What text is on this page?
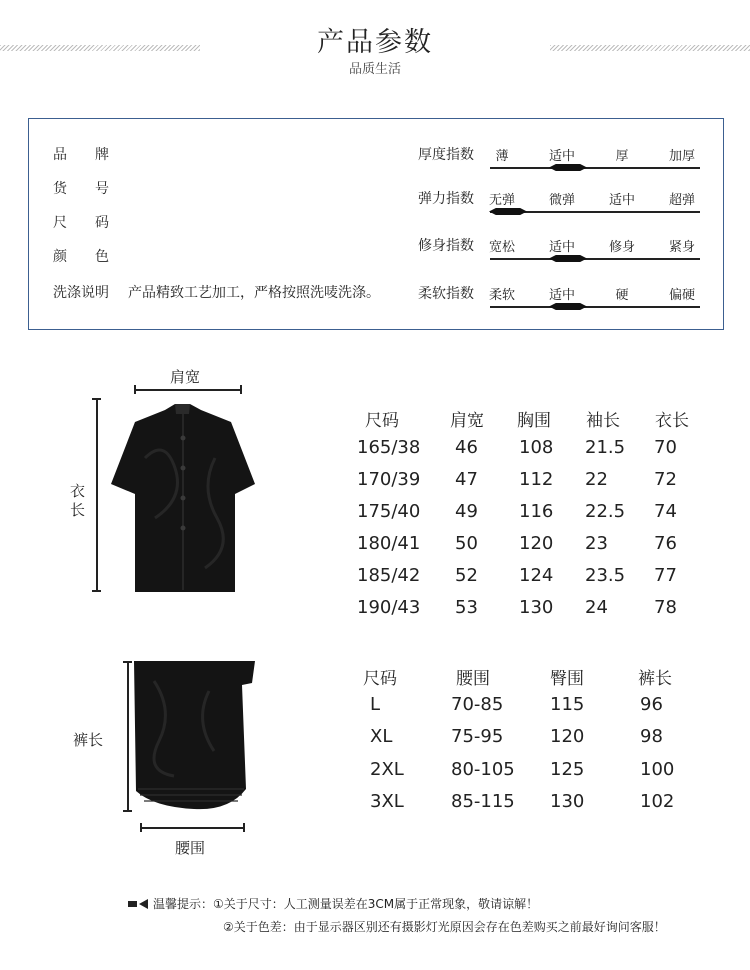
产品参数
品质生活
品　　牌
货　　号
尺　　码
颜　　色
洗涤说明 产品精致工艺加工，严格按照洗唛洗涤。
厚度指数	薄	适中	厚	加厚
弹力指数	无弹	微弹	适中	超弹
修身指数	宽松	适中	修身	紧身
柔软指数	柔软	适中	硬	偏硬
肩宽
衣长
尺码	肩宽 胸围 袖长 衣长
165/38 46 108 21.5 70
170/39 47 112 22	72
175/40 49 116 22.5 74
180/41 50 120 23	76
185/42 52 124 23.5 77
190/43 53 130 24	78
裤长
腰围
尺码	腰围	臀围	裤长
L	70-85	115	96
XL	75-95	120	98
2XL	80-105 125	100
3XL	85-115 130	102
温馨提示：①关于尺寸：人工测量误差在3CM属于正常现象，敬请谅解！
②关于色差：由于显示器区别还有摄影灯光原因会存在色差购买之前最好询问客服！
